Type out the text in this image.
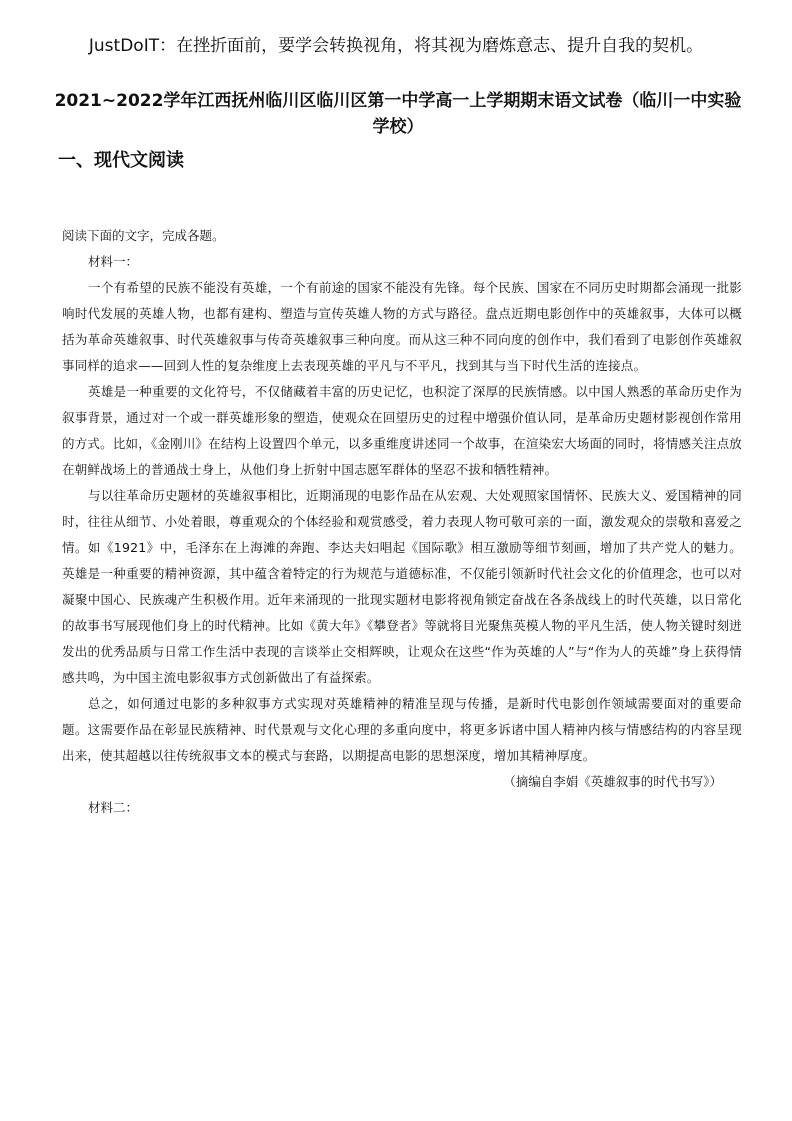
JustDoIT：在挫折面前，要学会转换视角，将其视为磨炼意志、提升自我的契机。
2021~2022学年江西抚州临川区临川区第一中学高一上学期期末语文试卷（临川一中实验学校）
一、现代文阅读

阅读下面的文字，完成各题。

材料一：

一个有希望的民族不能没有英雄，一个有前途的国家不能没有先锋。每个民族、国家在不同历史时期都会涌现一批影响时代发展的英雄人物，也都有建构、塑造与宣传英雄人物的方式与路径。盘点近期电影创作中的英雄叙事，大体可以概括为革命英雄叙事、时代英雄叙事与传奇英雄叙事三种向度。而从这三种不同向度的创作中，我们看到了电影创作英雄叙事同样的追求——回到人性的复杂维度上去表现英雄的平凡与不平凡，找到其与当下时代生活的连接点。

英雄是一种重要的文化符号，不仅储藏着丰富的历史记忆，也积淀了深厚的民族情感。以中国人熟悉的革命历史作为叙事背景，通过对一个或一群英雄形象的塑造，使观众在回望历史的过程中增强价值认同，是革命历史题材影视创作常用的方式。比如，《金刚川》在结构上设置四个单元，以多重维度讲述同一个故事，在渲染宏大场面的同时，将情感关注点放在朝鲜战场上的普通战士身上，从他们身上折射中国志愿军群体的坚忍不拔和牺牲精神。

与以往革命历史题材的英雄叙事相比，近期涌现的电影作品在从宏观、大处观照家国情怀、民族大义、爱国精神的同时，往往从细节、小处着眼，尊重观众的个体经验和观赏感受，着力表现人物可敬可亲的一面，激发观众的崇敬和喜爱之情。如《1921》中，毛泽东在上海滩的奔跑、李达夫妇唱起《国际歌》相互激励等细节刻画，增加了共产党人的魅力。英雄是一种重要的精神资源，其中蕴含着特定的行为规范与道德标准，不仅能引领新时代社会文化的价值理念，也可以对凝聚中国心、民族魂产生积极作用。近年来涌现的一批现实题材电影将视角锁定奋战在各条战线上的时代英雄，以日常化的故事书写展现他们身上的时代精神。比如《黄大年》《攀登者》等就将目光聚焦英模人物的平凡生活，使人物关键时刻迸发出的优秀品质与日常工作生活中表现的言谈举止交相辉映，让观众在这些“作为英雄的人”与“作为人的英雄”身上获得情感共鸣，为中国主流电影叙事方式创新做出了有益探索。

总之，如何通过电影的多种叙事方式实现对英雄精神的精准呈现与传播，是新时代电影创作领域需要面对的重要命题。这需要作品在彰显民族精神、时代景观与文化心理的多重向度中，将更多诉诸中国人精神内核与情感结构的内容呈现出来，使其超越以往传统叙事文本的模式与套路，以期提高电影的思想深度，增加其精神厚度。

（摘编自李娟《英雄叙事的时代书写》）

材料二：
